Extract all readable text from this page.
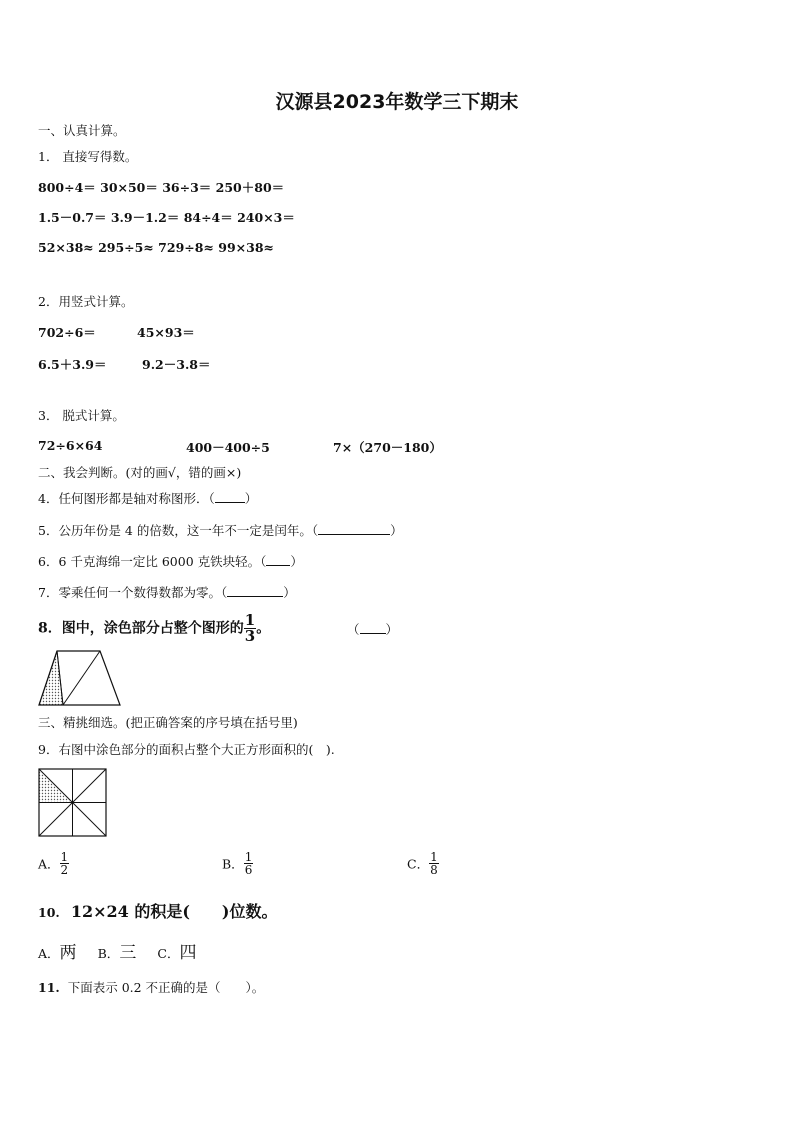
汉源县2023年数学三下期末
一、认真计算。
1． 直接写得数。
800÷4＝ 30×50＝ 36÷3＝ 250＋80＝
1.5－0.7＝ 3.9－1.2＝ 84÷4＝ 240×3＝
52×38≈ 295÷5≈ 729÷8≈ 99×38≈
2．用竖式计算。
702÷6＝	45×93＝
6.5＋3.9＝	9.2－3.8＝
3． 脱式计算。
72÷6×64	400－400÷5	7×（270－180）
二、我会判断。(对的画√，错的画×)
4．任何图形都是轴对称图形．（ ）
5．公历年份是 4 的倍数，这一年不一定是闰年。（	）
6．6 千克海绵一定比 6000 克铁块轻。（ ）
7．零乘任何一个数得数都为零。（	）
8．图中，涂色部分占整个图形的 $\frac{1}{3}$ 。	（ ）
三、精挑细选。(把正确答案的序号填在括号里)
9．右图中涂色部分的面积占整个大正方形面积的(　).
A． $\frac{1}{2}$	B． $\frac{1}{6}$	C． $\frac{1}{8}$
10. 12×24 的积是(　　)位数。
A．两 B．三 C．四
11. 下面表示 0.2 不正确的是（　　）。
